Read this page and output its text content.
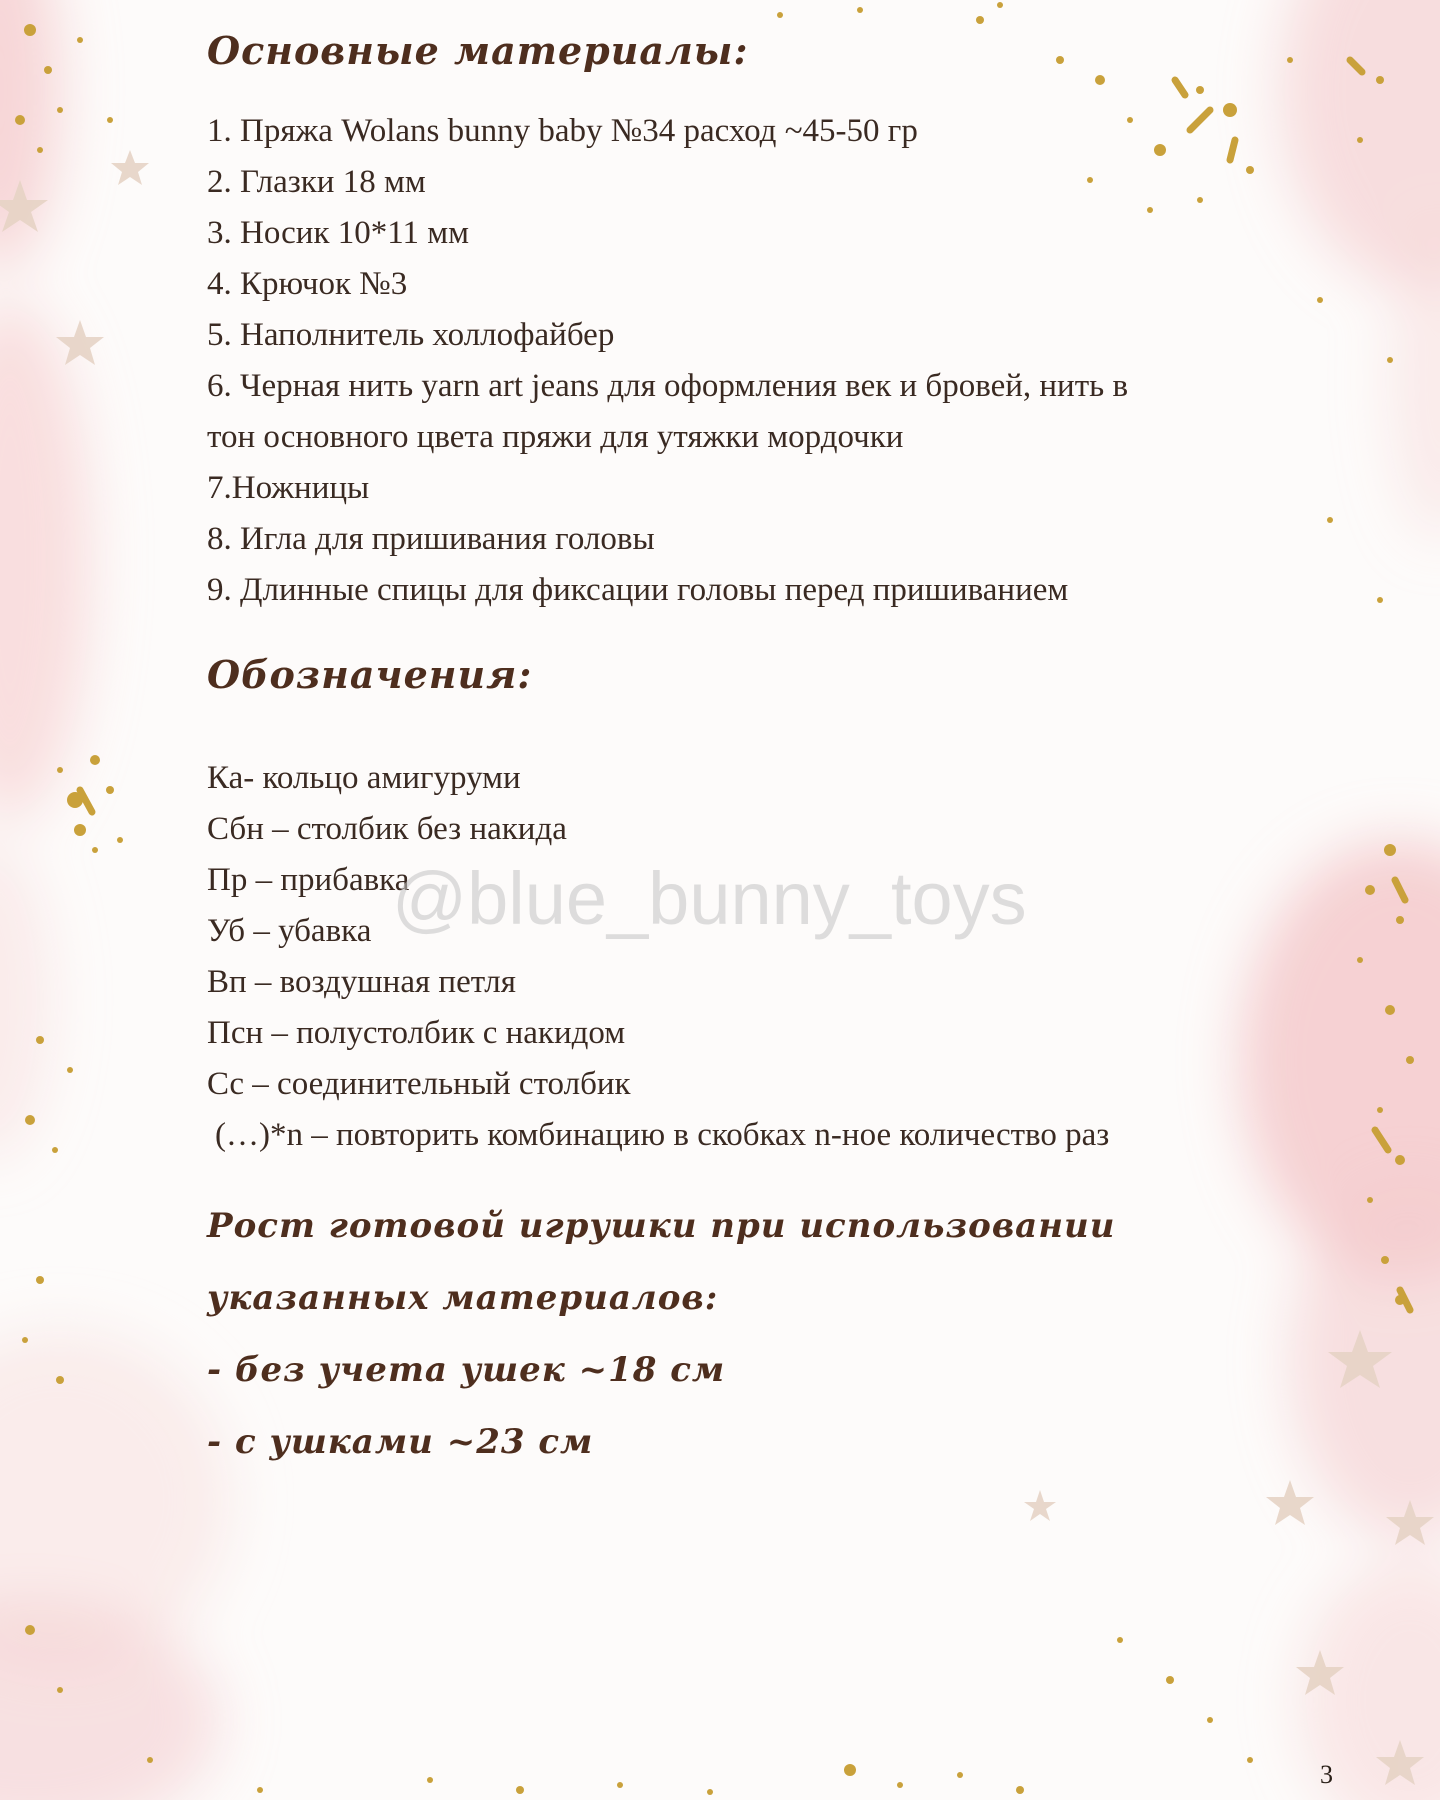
Основные материалы:
1. Пряжа Wolans bunny baby №34 расход ~45-50 гр
2. Глазки 18 мм
3. Носик 10*11 мм
4. Крючок №3
5. Наполнитель холлофайбер
6. Черная нить yarn art jeans для оформления век и бровей, нить в
тон основного цвета пряжи для утяжки мордочки
7.Ножницы
8. Игла для пришивания головы
9. Длинные спицы для фиксации головы перед пришиванием
Обозначения:
Ка- кольцо амигуруми
Сбн – столбик без накида
Пр – прибавка
Уб – убавка
Вп – воздушная петля
Псн – полустолбик с накидом
Сс – соединительный столбик
(…)*n – повторить комбинацию в скобках n-ное количество раз
Рост готовой игрушки при использовании
указанных материалов:
- без учета ушек ~18 см
- с ушками ~23 см
@blue_bunny_toys
3
